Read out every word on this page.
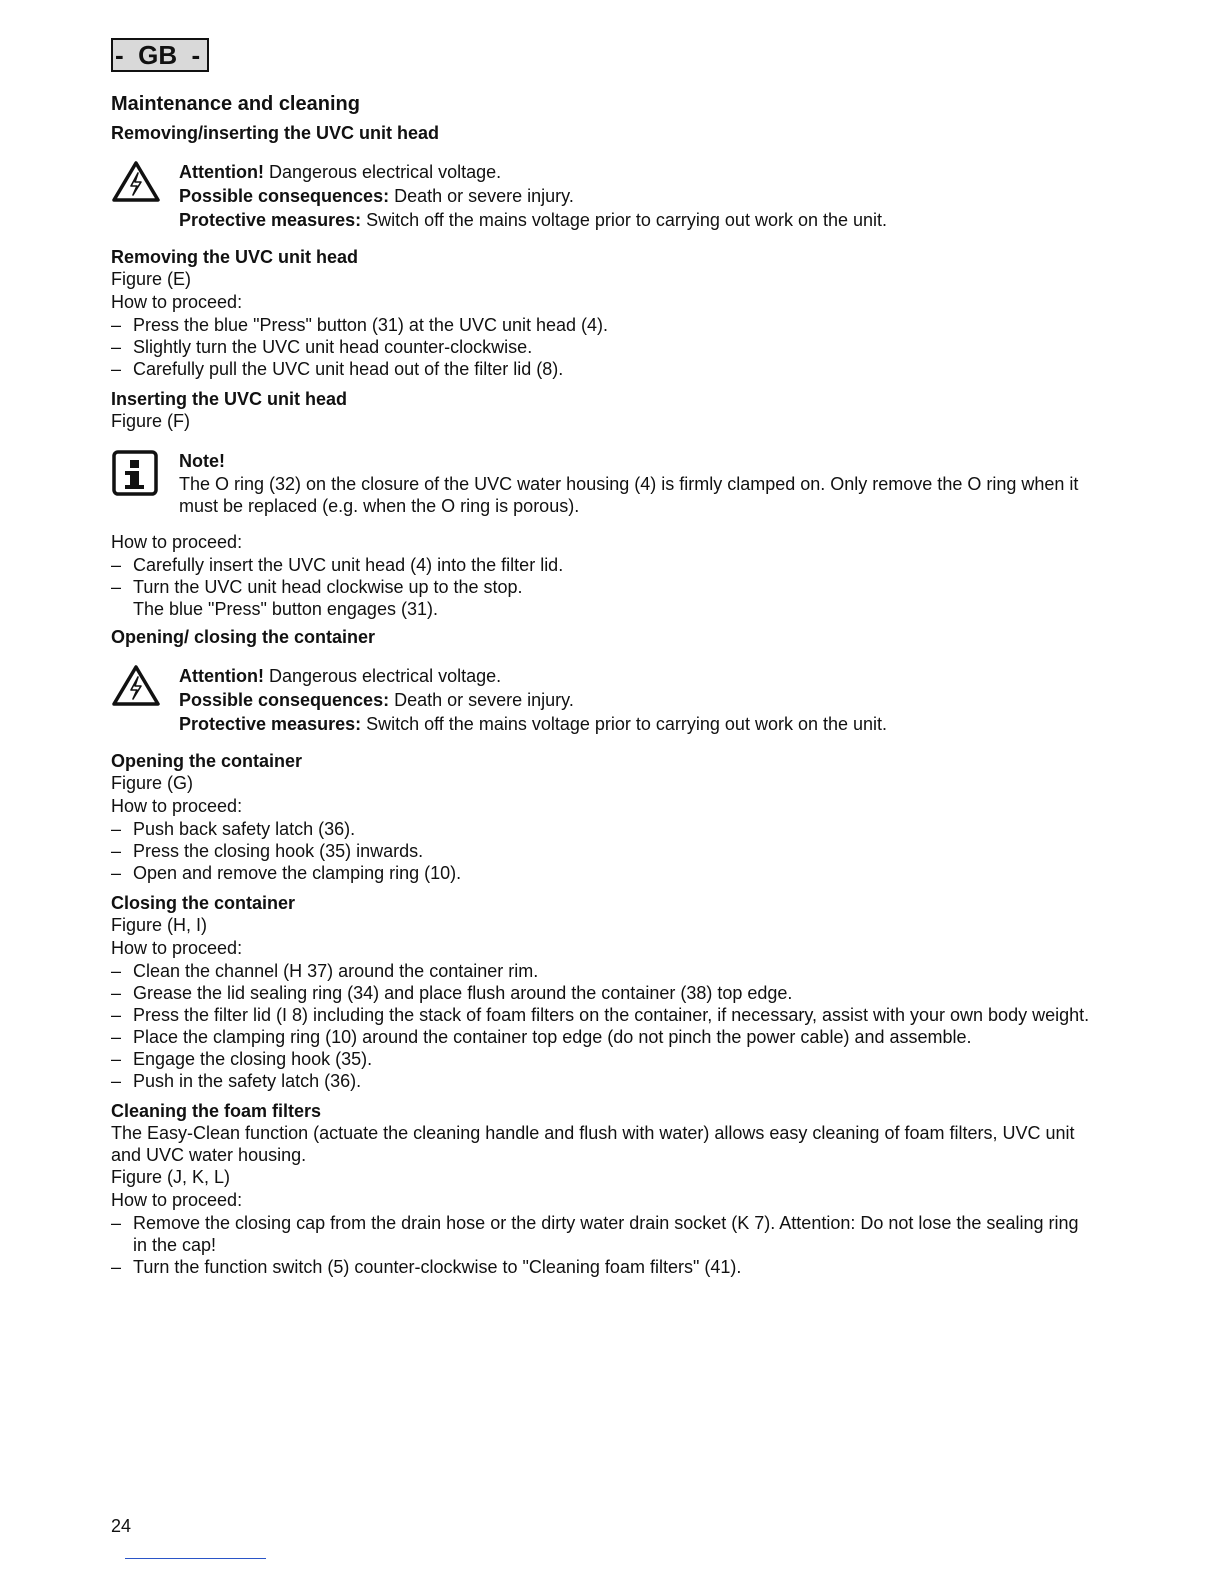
-  GB  -
Maintenance and cleaning
Removing/inserting the UVC unit head

Attention! Dangerous electrical voltage.

Possible consequences: Death or severe injury.

Protective measures: Switch off the mains voltage prior to carrying out work on the unit.

Removing the UVC unit head

Figure (E)

How to proceed:

– Press the blue "Press" button (31) at the UVC unit head (4).
– Slightly turn the UVC unit head counter-clockwise.
– Carefully pull the UVC unit head out of the filter lid (8).
Inserting the UVC unit head

Figure (F)

Note!

The O ring (32) on the closure of the UVC water housing (4) is firmly clamped on. Only remove the O ring when it must be replaced (e.g. when the O ring is porous).

How to proceed:

– Carefully insert the UVC unit head (4) into the filter lid.
– Turn the UVC unit head clockwise up to the stop.

The blue "Press" button engages (31).

Opening/ closing the container

Attention! Dangerous electrical voltage.

Possible consequences: Death or severe injury.

Protective measures: Switch off the mains voltage prior to carrying out work on the unit.

Opening the container

Figure (G)

How to proceed:

– Push back safety latch (36).
– Press the closing hook (35) inwards.
– Open and remove the clamping ring (10).
Closing the container

Figure (H, I)

How to proceed:

– Clean the channel (H 37) around the container rim.
– Grease the lid sealing ring (34) and place flush around the container (38) top edge.
– Press the filter lid (I 8) including the stack of foam filters on the container, if necessary, assist with your own body weight.
– Place the clamping ring (10) around the container top edge (do not pinch the power cable) and assemble.
– Engage the closing hook (35).
– Push in the safety latch (36).
Cleaning the foam filters

The Easy-Clean function (actuate the cleaning handle and flush with water) allows easy cleaning of foam filters, UVC unit and UVC water housing.

Figure (J, K, L)

How to proceed:

– Remove the closing cap from the drain hose or the dirty water drain socket (K 7). Attention: Do not lose the sealing ring in the cap!
– Turn the function switch (5) counter-clockwise to "Cleaning foam filters" (41).
24
